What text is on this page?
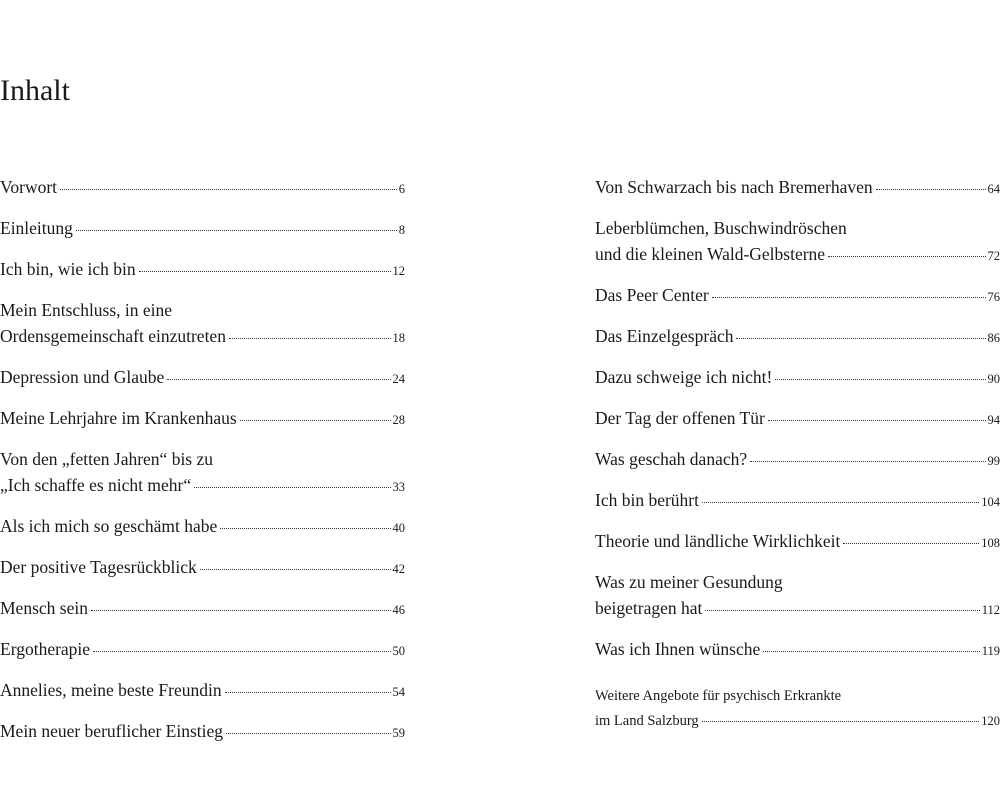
Inhalt
Vorwort	6
Einleitung	8
Ich bin, wie ich bin	12
Mein Entschluss, in eine
Ordensgemeinschaft einzutreten	18
Depression und Glaube	24
Meine Lehrjahre im Krankenhaus	28
Von den „fetten Jahren“ bis zu
„Ich schaffe es nicht mehr“	33
Als ich mich so geschämt habe	40
Der positive Tagesrückblick	42
Mensch sein	46
Ergotherapie	50
Annelies, meine beste Freundin	54
Mein neuer beruflicher Einstieg	59
Von Schwarzach bis nach Bremerhaven	64
Leberblümchen, Buschwindröschen
und die kleinen Wald-Gelbsterne	72
Das Peer Center	76
Das Einzelgespräch	86
Dazu schweige ich nicht!	90
Der Tag der offenen Tür	94
Was geschah danach?	99
Ich bin berührt	104
Theorie und ländliche Wirklichkeit	108
Was zu meiner Gesundung
beigetragen hat	112
Was ich Ihnen wünsche	119
Weitere Angebote für psychisch Erkrankte
im Land Salzburg	120
